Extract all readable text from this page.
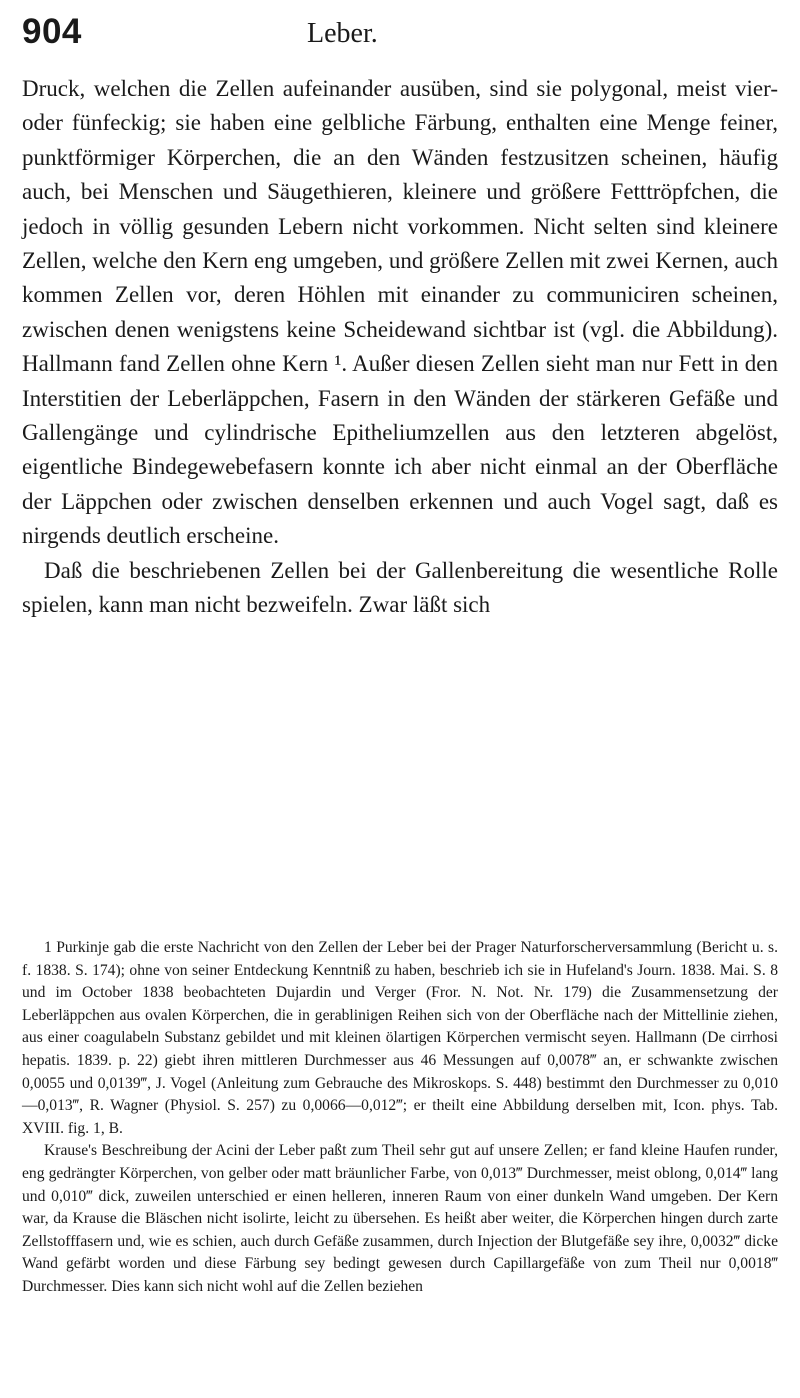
904	Leber.

Druck, welchen die Zellen aufeinander ausüben, sind sie polygonal, meist vier- oder fünfeckig; sie haben eine gelbliche Färbung, enthalten eine Menge feiner, punktförmiger Körperchen, die an den Wänden festzusitzen scheinen, häufig auch, bei Menschen und Säugethieren, kleinere und größere Fetttröpfchen, die jedoch in völlig gesunden Lebern nicht vorkommen. Nicht selten sind kleinere Zellen, welche den Kern eng umgeben, und größere Zellen mit zwei Kernen, auch kommen Zellen vor, deren Höhlen mit einander zu communiciren scheinen, zwischen denen wenigstens keine Scheidewand sichtbar ist (vgl. die Abbildung). Hallmann fand Zellen ohne Kern ¹. Außer diesen Zellen sieht man nur Fett in den Interstitien der Leberläppchen, Fasern in den Wänden der stärkeren Gefäße und Gallengänge und cylindrische Epitheliumzellen aus den letzteren abgelöst, eigentliche Bindegewebefasern konnte ich aber nicht einmal an der Oberfläche der Läppchen oder zwischen denselben erkennen und auch Vogel sagt, daß es nirgends deutlich erscheine.

Daß die beschriebenen Zellen bei der Gallenbereitung die wesentliche Rolle spielen, kann man nicht bezweifeln. Zwar läßt sich

1 Purkinje gab die erste Nachricht von den Zellen der Leber bei der Prager Naturforscherversammlung (Bericht u. s. f. 1838. S. 174); ohne von seiner Entdeckung Kenntniß zu haben, beschrieb ich sie in Hufeland's Journ. 1838. Mai. S. 8 und im October 1838 beobachteten Dujardin und Verger (Fror. N. Not. Nr. 179) die Zusammensetzung der Leberläppchen aus ovalen Körperchen, die in gerablinigen Reihen sich von der Oberfläche nach der Mittellinie ziehen, aus einer coagulabeln Substanz gebildet und mit kleinen ölartigen Körperchen vermischt seyen. Hallmann (De cirrhosi hepatis. 1839. p. 22) giebt ihren mittleren Durchmesser aus 46 Messungen auf 0,0078‴ an, er schwankte zwischen 0,0055 und 0,0139‴, J. Vogel (Anleitung zum Gebrauche des Mikroskops. S. 448) bestimmt den Durchmesser zu 0,010—0,013‴, R. Wagner (Physiol. S. 257) zu 0,0066—0,012‴; er theilt eine Abbildung derselben mit, Icon. phys. Tab. XVIII. fig. 1, B.

Krause's Beschreibung der Acini der Leber paßt zum Theil sehr gut auf unsere Zellen; er fand kleine Haufen runder, eng gedrängter Körperchen, von gelber oder matt bräunlicher Farbe, von 0,013‴ Durchmesser, meist oblong, 0,014‴ lang und 0,010‴ dick, zuweilen unterschied er einen helleren, inneren Raum von einer dunkeln Wand umgeben. Der Kern war, da Krause die Bläschen nicht isolirte, leicht zu übersehen. Es heißt aber weiter, die Körperchen hingen durch zarte Zellstofffasern und, wie es schien, auch durch Gefäße zusammen, durch Injection der Blutgefäße sey ihre, 0,0032‴ dicke Wand gefärbt worden und diese Färbung sey bedingt gewesen durch Capillargefäße von zum Theil nur 0,0018‴ Durchmesser. Dies kann sich nicht wohl auf die Zellen beziehen
